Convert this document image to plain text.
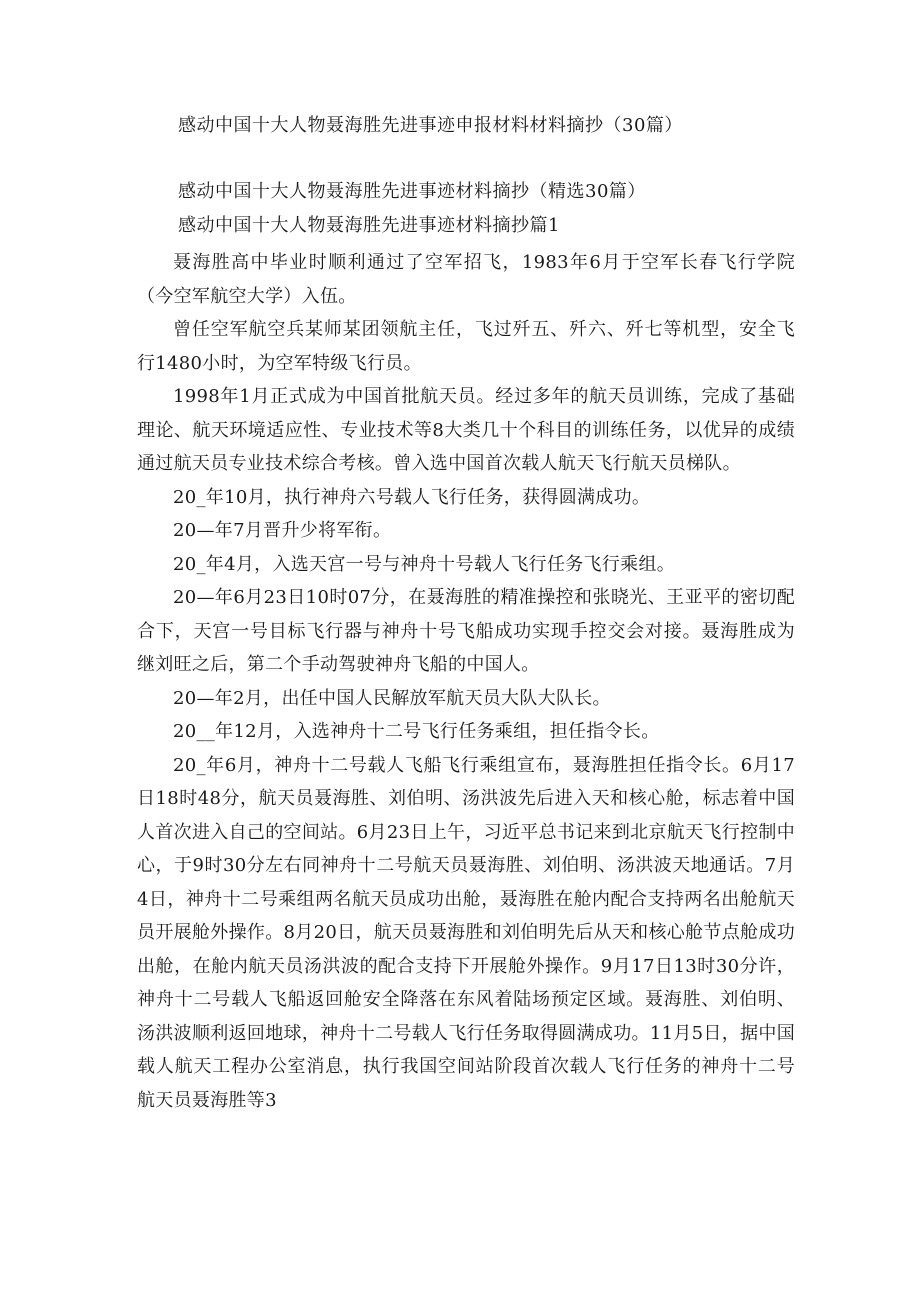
感动中国十大人物聂海胜先进事迹申报材料材料摘抄（30篇）
感动中国十大人物聂海胜先进事迹材料摘抄（精选30篇）
感动中国十大人物聂海胜先进事迹材料摘抄篇1

聂海胜高中毕业时顺利通过了空军招飞，1983年6月于空军长春飞行学院（今空军航空大学）入伍。

曾任空军航空兵某师某团领航主任，飞过歼五、歼六、歼七等机型，安全飞行1480小时，为空军特级飞行员。

1998年1月正式成为中国首批航天员。经过多年的航天员训练，完成了基础理论、航天环境适应性、专业技术等8大类几十个科目的训练任务，以优异的成绩通过航天员专业技术综合考核。曾入选中国首次载人航天飞行航天员梯队。

20_年10月，执行神舟六号载人飞行任务，获得圆满成功。

20—年7月晋升少将军衔。

20_年4月，入选天宫一号与神舟十号载人飞行任务飞行乘组。

20—年6月23日10时07分，在聂海胜的精准操控和张晓光、王亚平的密切配合下，天宫一号目标飞行器与神舟十号飞船成功实现手控交会对接。聂海胜成为继刘旺之后，第二个手动驾驶神舟飞船的中国人。

20—年2月，出任中国人民解放军航天员大队大队长。

20__年12月，入选神舟十二号飞行任务乘组，担任指令长。

20_年6月，神舟十二号载人飞船飞行乘组宣布，聂海胜担任指令长。6月17日18时48分，航天员聂海胜、刘伯明、汤洪波先后进入天和核心舱，标志着中国人首次进入自己的空间站。6月23日上午，习近平总书记来到北京航天飞行控制中心，于9时30分左右同神舟十二号航天员聂海胜、刘伯明、汤洪波天地通话。7月4日，神舟十二号乘组两名航天员成功出舱，聂海胜在舱内配合支持两名出舱航天员开展舱外操作。8月20日，航天员聂海胜和刘伯明先后从天和核心舱节点舱成功出舱，在舱内航天员汤洪波的配合支持下开展舱外操作。9月17日13时30分许，神舟十二号载人飞船返回舱安全降落在东风着陆场预定区域。聂海胜、刘伯明、汤洪波顺利返回地球，神舟十二号载人飞行任务取得圆满成功。11月5日，据中国载人航天工程办公室消息，执行我国空间站阶段首次载人飞行任务的神舟十二号航天员聂海胜等3
